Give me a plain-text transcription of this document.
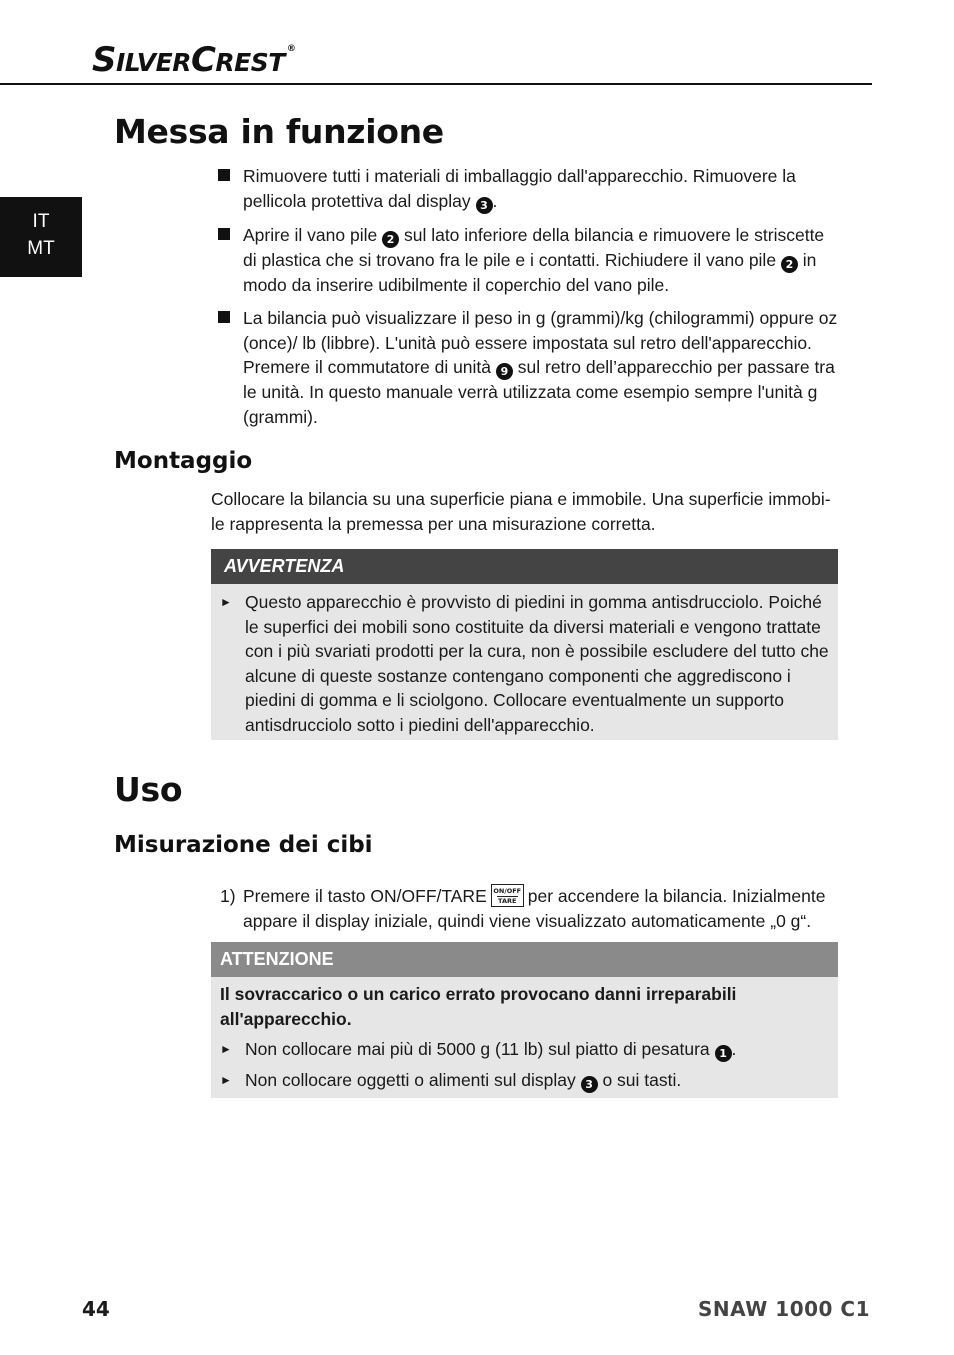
SILVERCREST ®
IT
MT
Messa in funzione
Rimuovere tutti i materiali di imballaggio dall'apparecchio. Rimuovere la pellicola protettiva dal display 3 .
Aprire il vano pile 2 sul lato inferiore della bilancia e rimuovere le striscette di plastica che si trovano fra le pile e i contatti. Richiudere il vano pile 2 in modo da inserire udibilmente il coperchio del vano pile.
La bilancia può visualizzare il peso in g (grammi)/kg (chilogrammi) oppure oz (once)/ lb (libbre). L'unità può essere impostata sul retro dell'apparecchio. Premere il commutatore di unità 9 sul retro dell’apparecchio per passare tra le unità. In questo manuale verrà utilizzata come esempio sempre l'unità g (grammi).
Montaggio
Collocare la bilancia su una superficie piana e immobile. Una superficie immobi-le rappresenta la premessa per una misurazione corretta.
AVVERTENZA
► Questo apparecchio è provvisto di piedini in gomma antisdrucciolo. Poiché le superfici dei mobili sono costituite da diversi materiali e vengono trattate con i più svariati prodotti per la cura, non è possibile escludere del tutto che alcune di queste sostanze contengano componenti che aggrediscono i piedini di gomma e li sciolgono. Collocare eventualmente un supporto antisdrucciolo sotto i piedini dell'apparecchio.
Uso
Misurazione dei cibi
1) Premere il tasto ON/OFF/TARE ON/OFF
TARE per accendere la bilancia. Inizialmente appare il display iniziale, quindi viene visualizzato automaticamente „0 g“.
ATTENZIONE
Il sovraccarico o un carico errato provocano danni irreparabili all'apparecchio.
► Non collocare mai più di 5000 g (11 lb) sul piatto di pesatura 1 .
► Non collocare oggetti o alimenti sul display 3 o sui tasti.
44	SNAW 1000 C1
